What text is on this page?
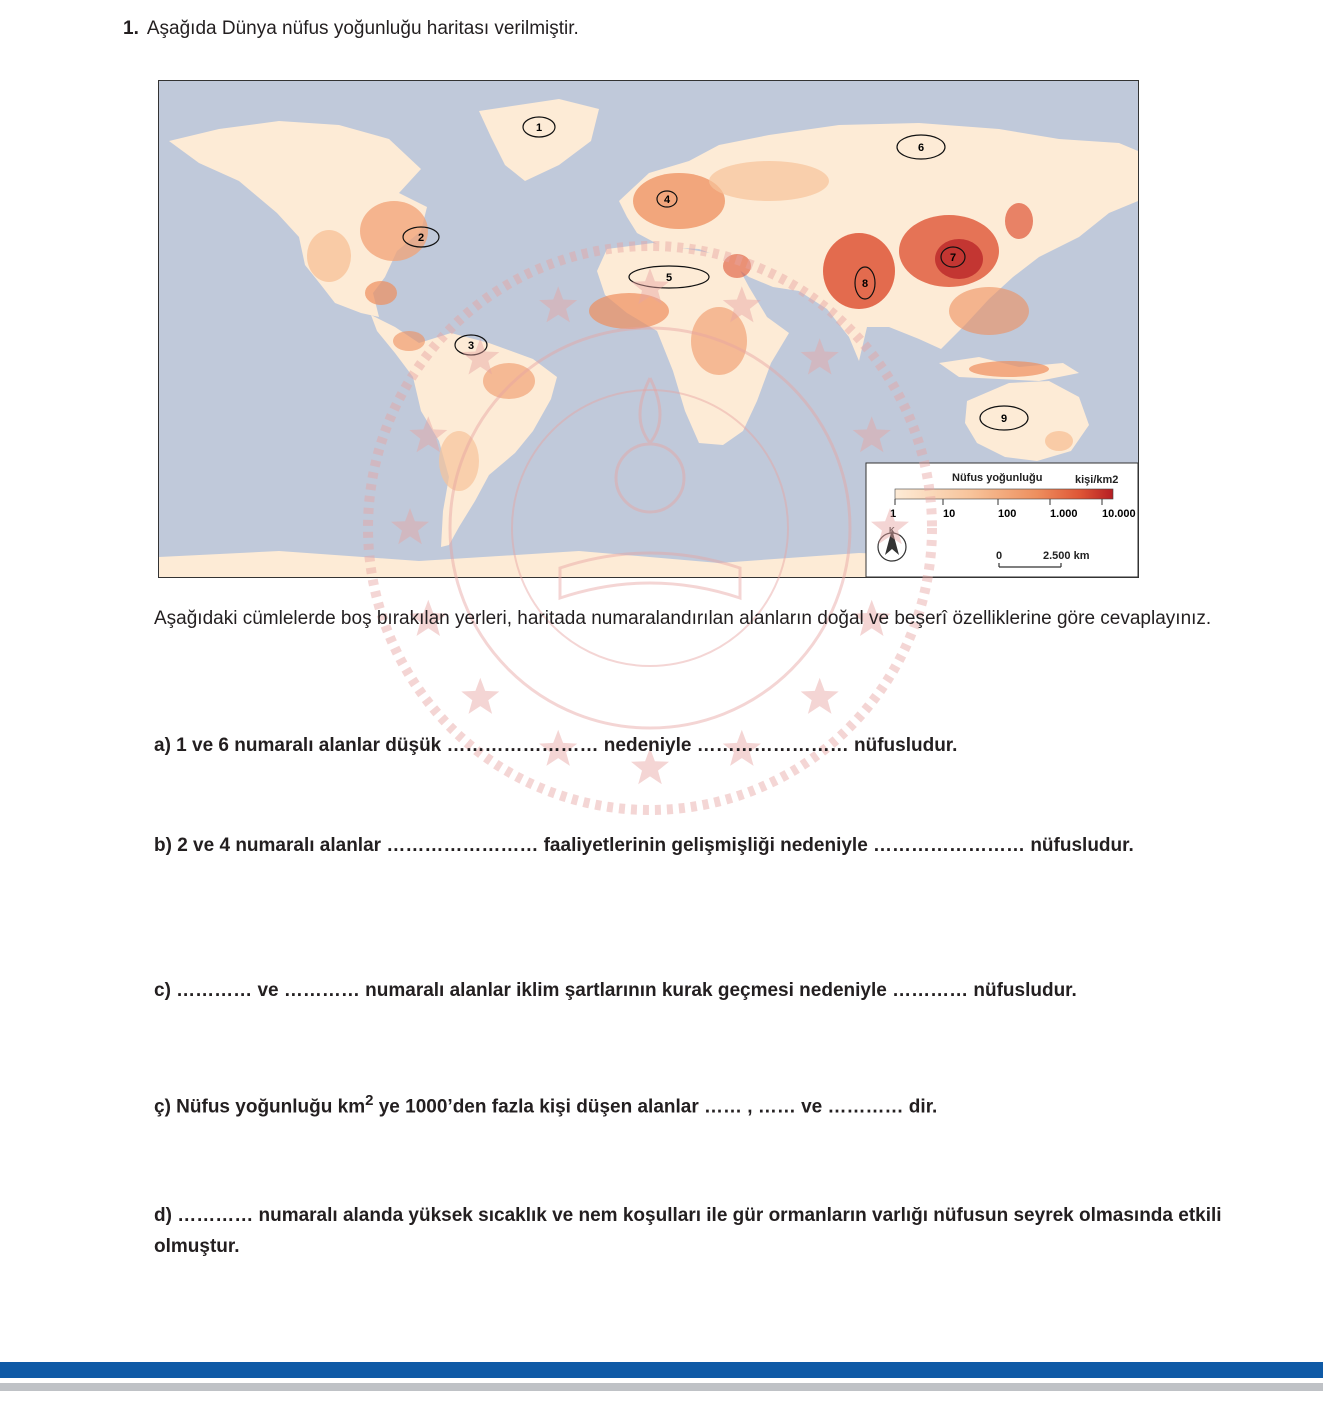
1. Aşağıda Dünya nüfus yoğunluğu haritası verilmiştir.
1
2
3
4
5
6
7
8
9
Nüfus yoğunluğu	kişi/km2
1	10	100	1.000 10.000
K
0	2.500 km
Aşağıdaki cümlelerde boş bırakılan yerleri, haritada numaralandırılan alanların doğal ve beşerî özelliklerine göre cevaplayınız.
a) 1 ve 6 numaralı alanlar düşük …………………… nedeniyle …………………… nüfusludur.
b) 2 ve 4 numaralı alanlar …………………… faaliyetlerinin gelişmişliği nedeniyle …………………… nüfusludur.
c) ………… ve ………… numaralı alanlar iklim şartlarının kurak geçmesi nedeniyle ………… nüfusludur.
ç) Nüfus yoğunluğu $km^2$ ye 1000’den fazla kişi düşen alanlar …… , …… ve ………… dir.
d) ………… numaralı alanda yüksek sıcaklık ve nem koşulları ile gür ormanların varlığı nüfusun seyrek olmasında etkili olmuştur.
